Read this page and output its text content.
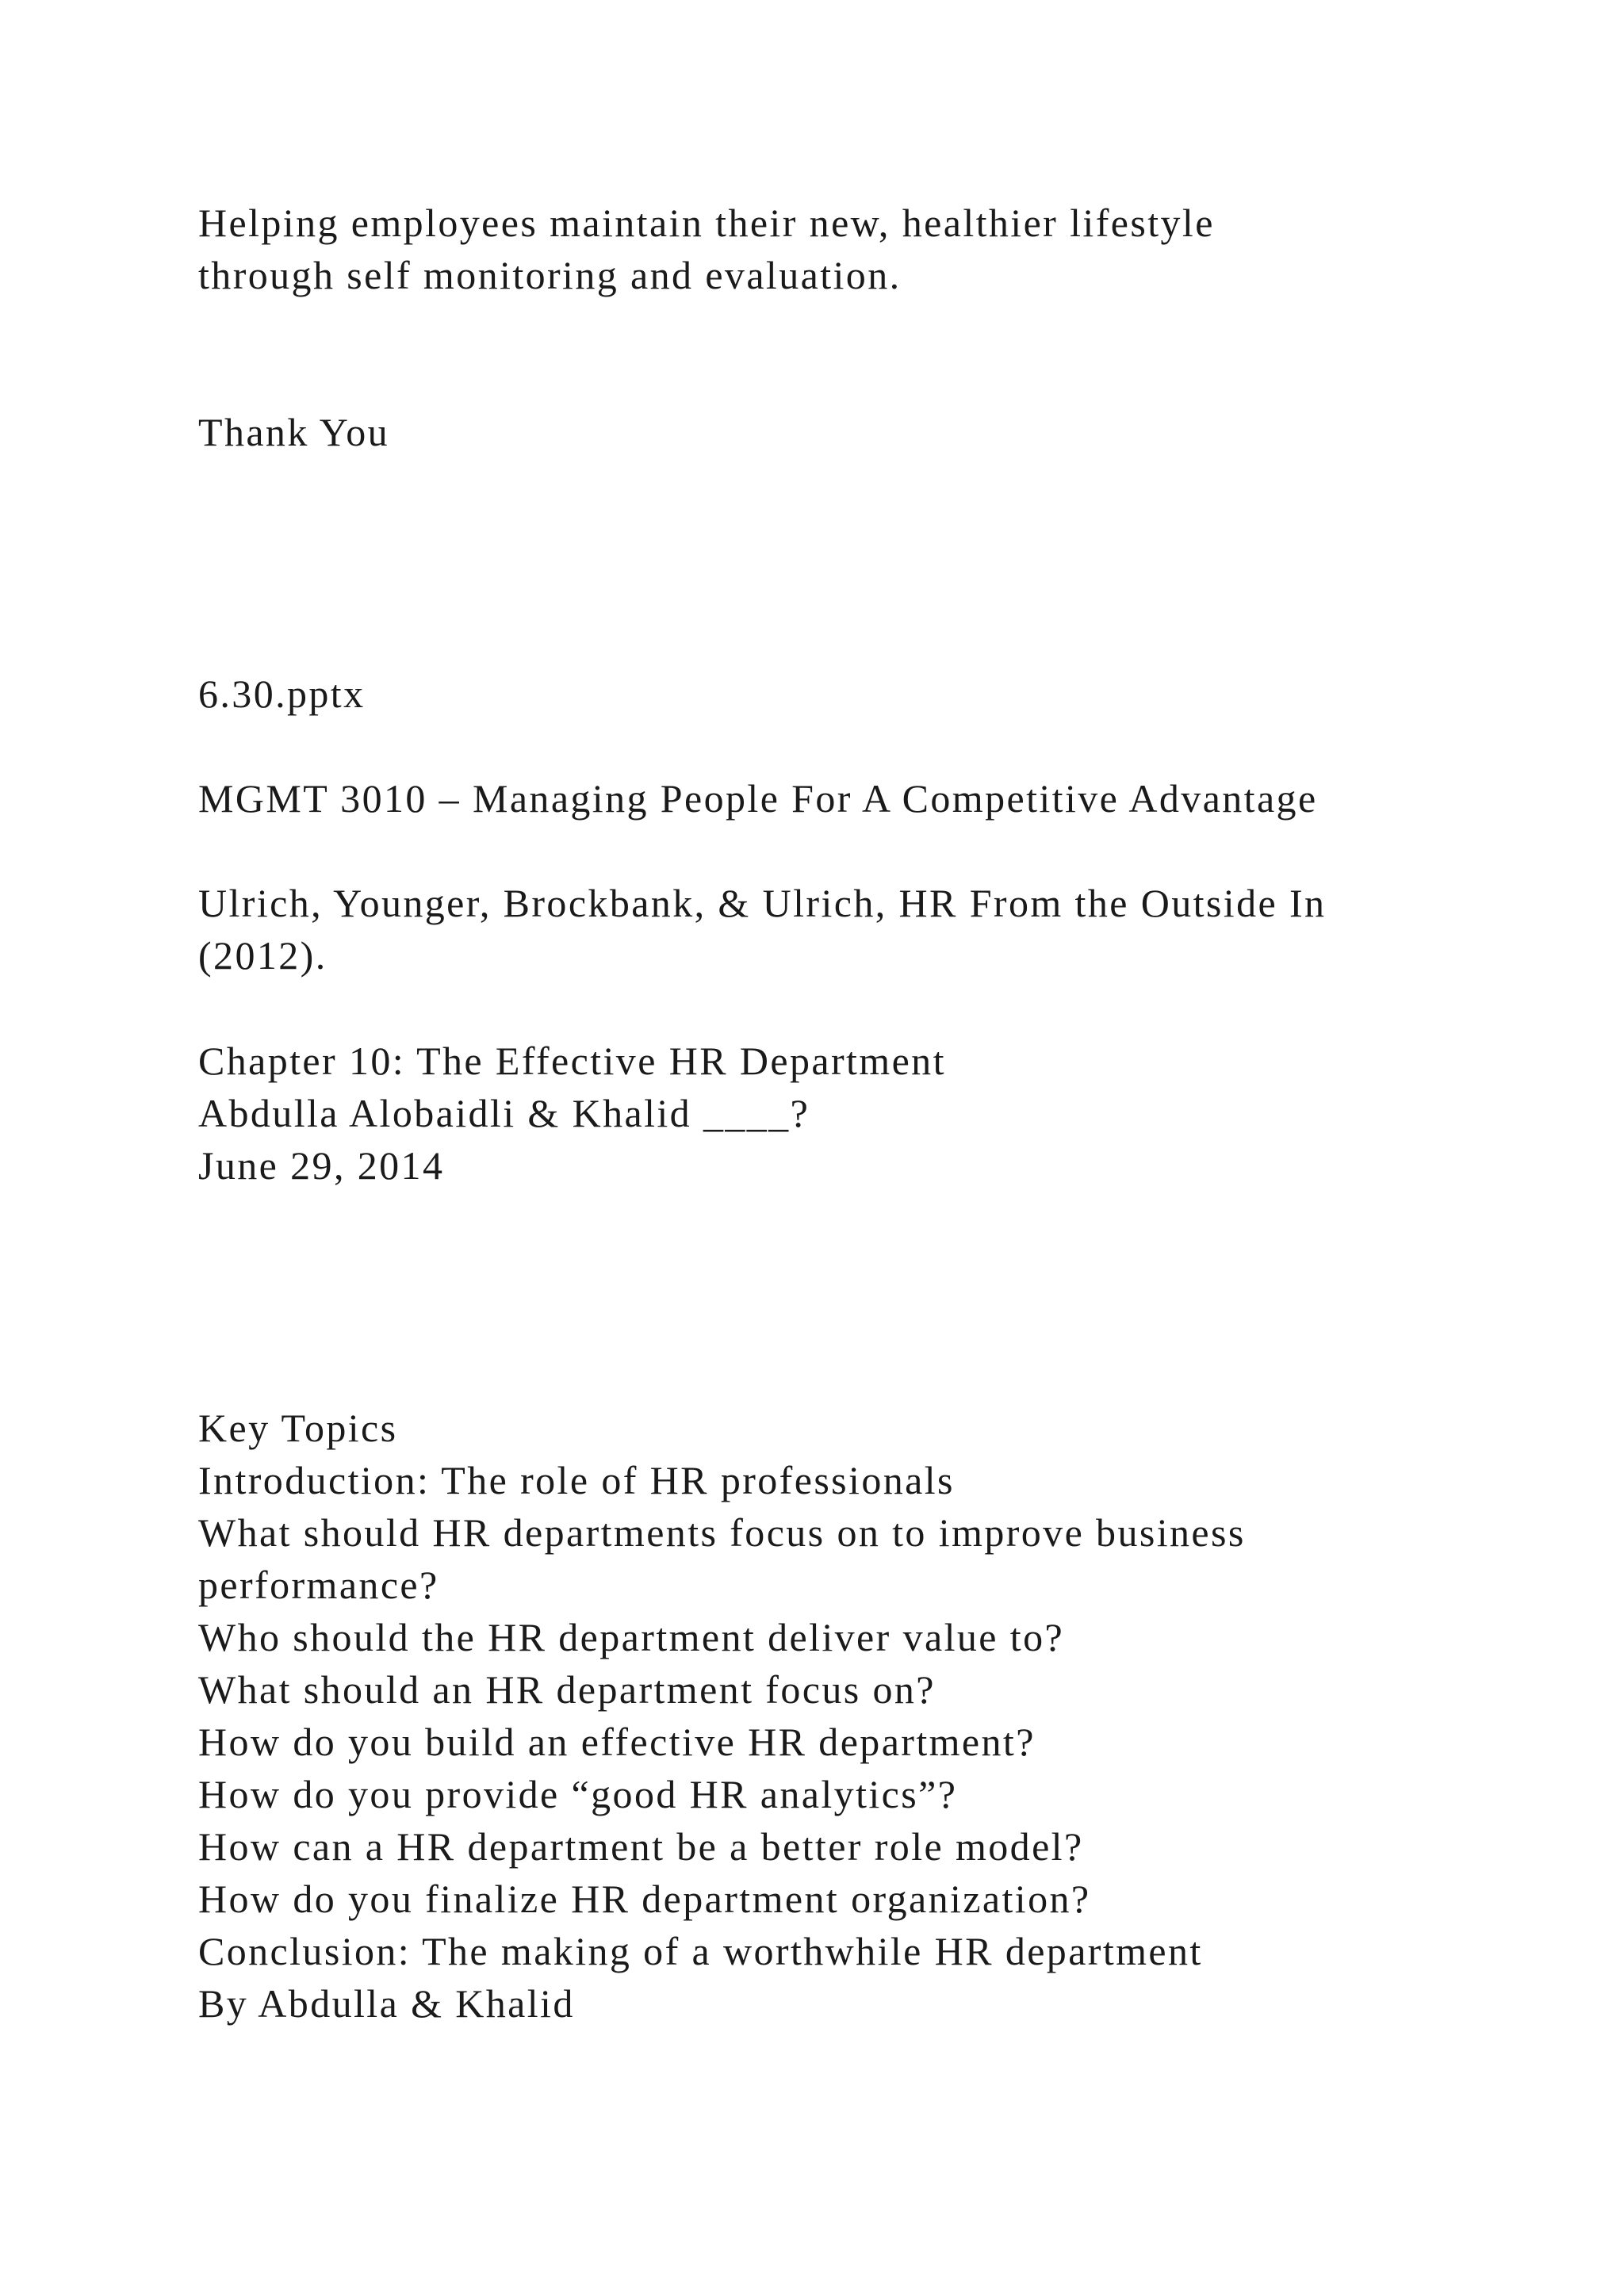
Helping employees maintain their new, healthier lifestyle

through self monitoring and evaluation.

Thank You

6.30.pptx

MGMT 3010 – Managing People For A Competitive Advantage

Ulrich, Younger, Brockbank, & Ulrich, HR From the Outside In

(2012).

Chapter 10: The Effective HR Department

Abdulla Alobaidli & Khalid ____?

June 29, 2014

Key Topics

Introduction: The role of HR professionals

What should HR departments focus on to improve business

performance?

Who should the HR department deliver value to?

What should an HR department focus on?

How do you build an effective HR department?

How do you provide “good HR analytics”?

How can a HR department be a better role model?

How do you finalize HR department organization?

Conclusion: The making of a worthwhile HR department

By Abdulla & Khalid
